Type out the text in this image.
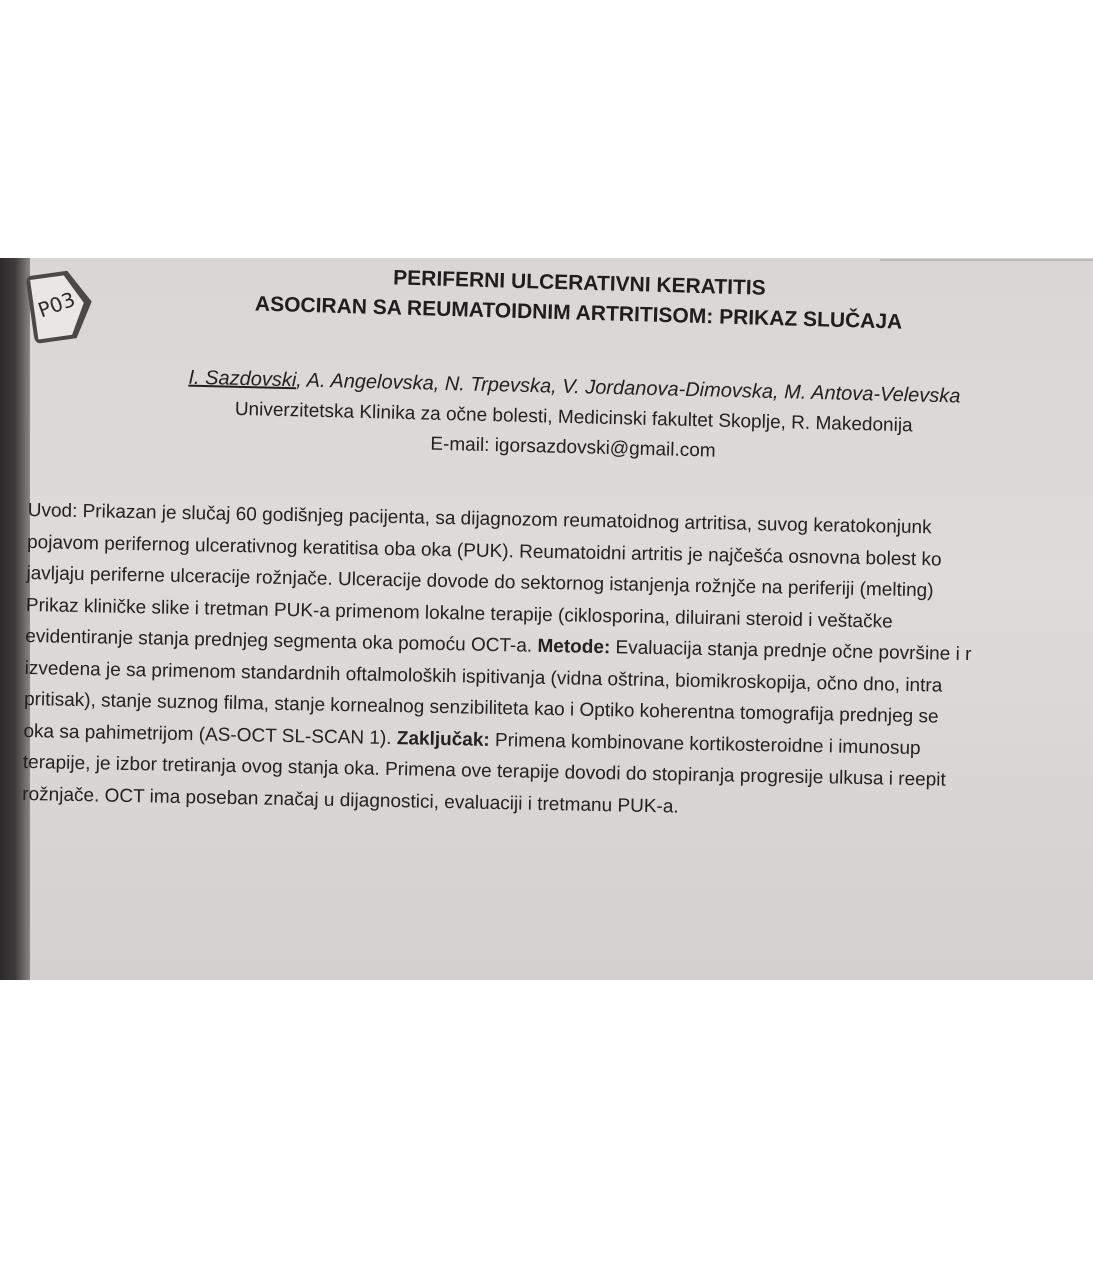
P03
PERIFERNI ULCERATIVNI KERATITIS
ASOCIRAN SA REUMATOIDNIM ARTRITISOM: PRIKAZ SLUČAJA
I. Sazdovski, A. Angelovska, N. Trpevska, V. Jordanova-Dimovska, M. Antova-Velevska
Univerzitetska Klinika za očne bolesti, Medicinski fakultet Skoplje, R. Makedonija
E-mail: igorsazdovski@gmail.com
Uvod: Prikazan je slučaj 60 godišnjeg pacijenta, sa dijagnozom reumatoidnog artritisa, suvog keratokonjunk
pojavom perifernog ulcerativnog keratitisa oba oka (PUK). Reumatoidni artritis je najčešća osnovna bolest ko
javljaju periferne ulceracije rožnjače. Ulceracije dovode do sektornog istanjenja rožnjče na periferiji (melting)
Prikaz kliničke slike i tretman PUK-a primenom lokalne terapije (ciklosporina, diluirani steroid i veštačke
evidentiranje stanja prednjeg segmenta oka pomoću OCT-a. Metode: Evaluacija stanja prednje očne površine i r
izvedena je sa primenom standardnih oftalmoloških ispitivanja (vidna oštrina, biomikroskopija, očno dno, intra
pritisak), stanje suznog filma, stanje kornealnog senzibiliteta kao i Optiko koherentna tomografija prednjeg se
oka sa pahimetrijom (AS-OCT SL-SCAN 1). Zaključak: Primena kombinovane kortikosteroidne i imunosup
terapije, je izbor tretiranja ovog stanja oka. Primena ove terapije dovodi do stopiranja progresije ulkusa i reepit
rožnjače. OCT ima poseban značaj u dijagnostici, evaluaciji i tretmanu PUK-a.
